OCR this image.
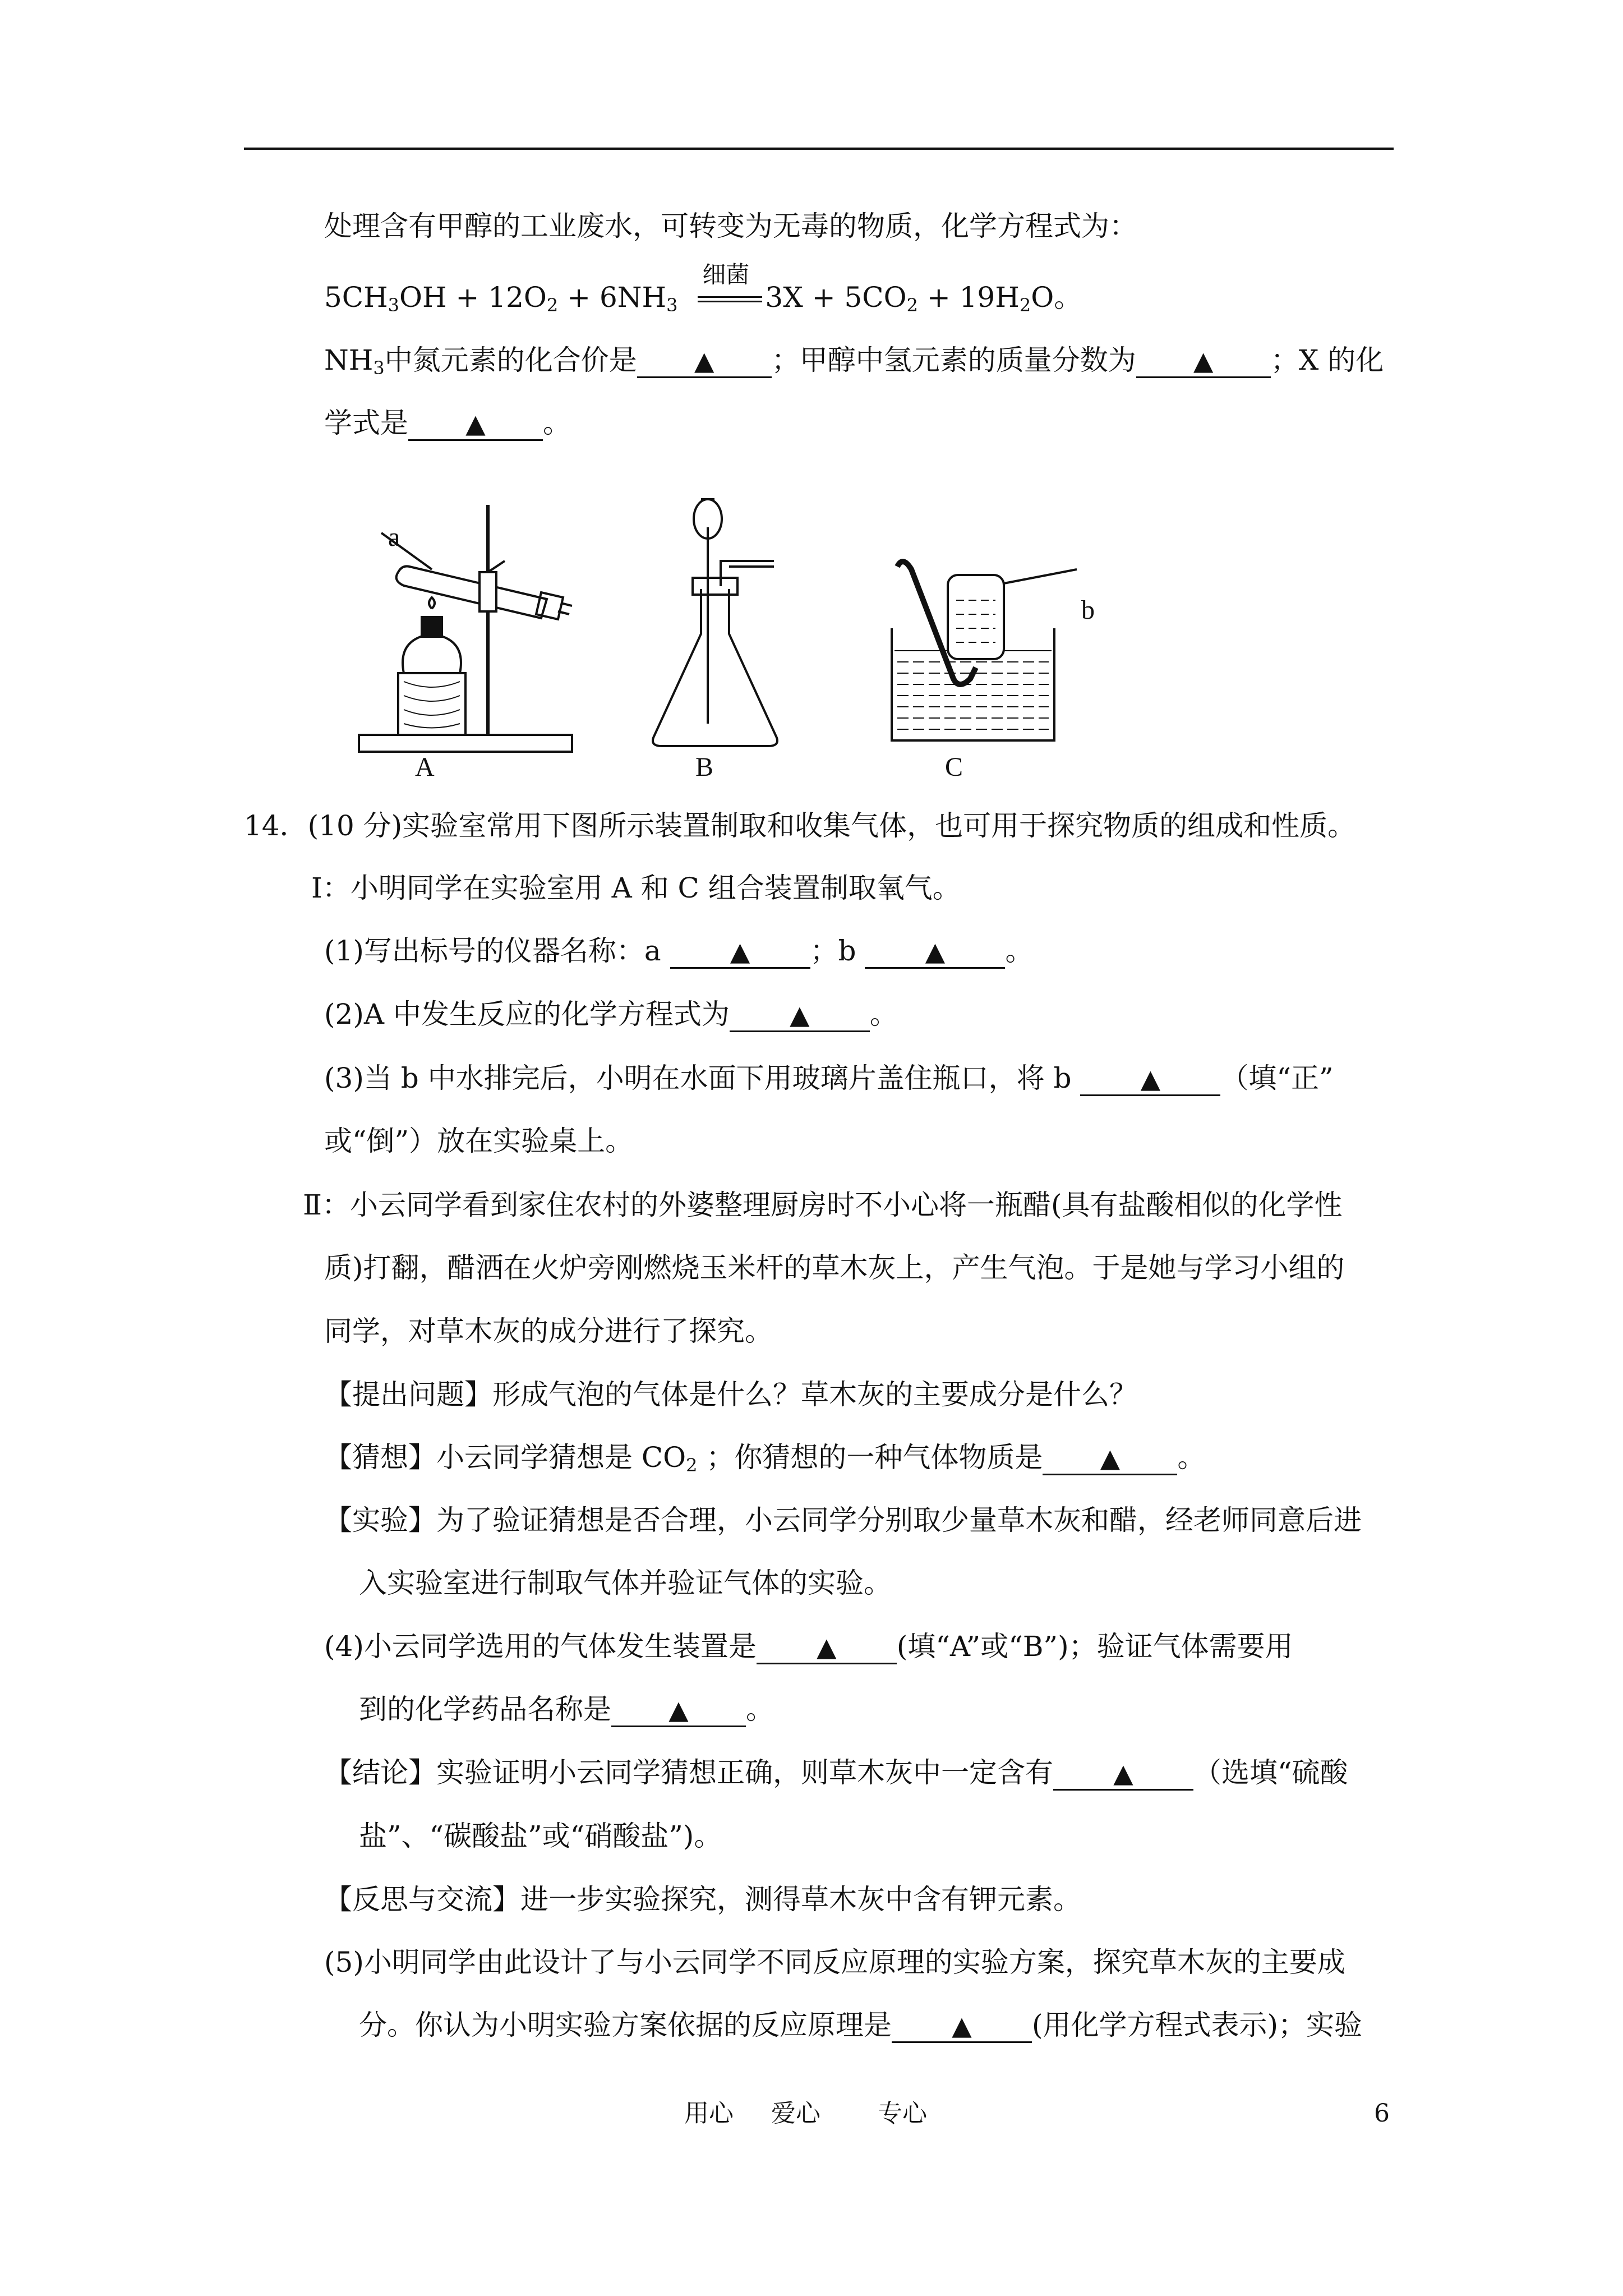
处理含有甲醇的工业废水，可转变为无毒的物质，化学方程式为：
$5CH_3OH + 12O_2 + 6NH_3$
细菌
$3X + 5CO_2 + 19H_2O$。
$NH_3$中氮元素的化合价是 ▲ ；甲醇中氢元素的质量分数为 ▲ ；X 的化
学式是 ▲ 。
a
b
A	B	C
14．(10 分)实验室常用下图所示装置制取和收集气体，也可用于探究物质的组成和性质。
Ⅰ：小明同学在实验室用 A 和 C 组合装置制取氧气。
(1)写出标号的仪器名称：a ▲ ；b ▲ 。
(2)A 中发生反应的化学方程式为 ▲ 。
(3)当 b 中水排完后，小明在水面下用玻璃片盖住瓶口，将 b ▲ （填“正”
或“倒”）放在实验桌上。
Ⅱ：小云同学看到家住农村的外婆整理厨房时不小心将一瓶醋(具有盐酸相似的化学性
质)打翻，醋洒在火炉旁刚燃烧玉米杆的草木灰上，产生气泡。于是她与学习小组的
同学，对草木灰的成分进行了探究。
【提出问题】形成气泡的气体是什么？草木灰的主要成分是什么？
【猜想】小云同学猜想是 $CO_2$ ；你猜想的一种气体物质是 ▲ 。
【实验】为了验证猜想是否合理，小云同学分别取少量草木灰和醋，经老师同意后进
入实验室进行制取气体并验证气体的实验。
(4)小云同学选用的气体发生装置是 ▲ (填“A”或“B”)；验证气体需要用
到的化学药品名称是 ▲ 。
【结论】实验证明小云同学猜想正确，则草木灰中一定含有 ▲ （选填“硫酸
盐”、“碳酸盐”或“硝酸盐”)。
【反思与交流】进一步实验探究，测得草木灰中含有钾元素。
(5)小明同学由此设计了与小云同学不同反应原理的实验方案，探究草木灰的主要成
分。你认为小明实验方案依据的反应原理是 ▲ (用化学方程式表示)；实验
用心 爱心 专心	6
